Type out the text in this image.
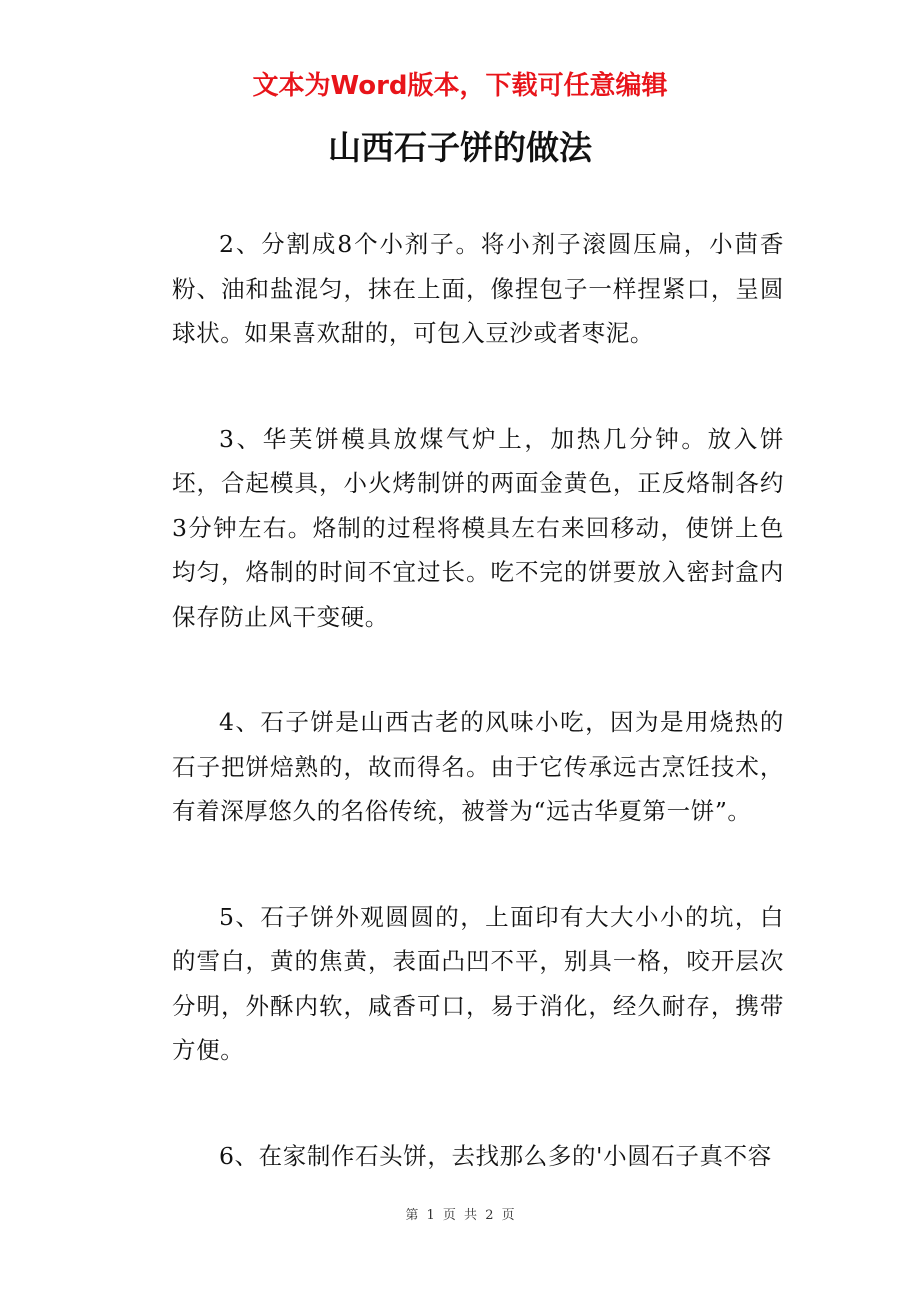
文本为Word版本，下载可任意编辑
山西石子饼的做法

2、分割成8个小剂子。将小剂子滚圆压扁，小茴香粉、油和盐混匀，抹在上面，像捏包子一样捏紧口，呈圆球状。如果喜欢甜的，可包入豆沙或者枣泥。

3、华芙饼模具放煤气炉上，加热几分钟。放入饼坯，合起模具，小火烤制饼的两面金黄色，正反烙制各约3分钟左右。烙制的过程将模具左右来回移动，使饼上色均匀，烙制的时间不宜过长。吃不完的饼要放入密封盒内保存防止风干变硬。

4、石子饼是山西古老的风味小吃，因为是用烧热的石子把饼焙熟的，故而得名。由于它传承远古烹饪技术，有着深厚悠久的名俗传统，被誉为“远古华夏第一饼”。

5、石子饼外观圆圆的，上面印有大大小小的坑，白的雪白，黄的焦黄，表面凸凹不平，别具一格，咬开层次分明，外酥内软，咸香可口，易于消化，经久耐存，携带方便。

6、在家制作石头饼，去找那么多的'小圆石子真不容

第 1 页 共 2 页
